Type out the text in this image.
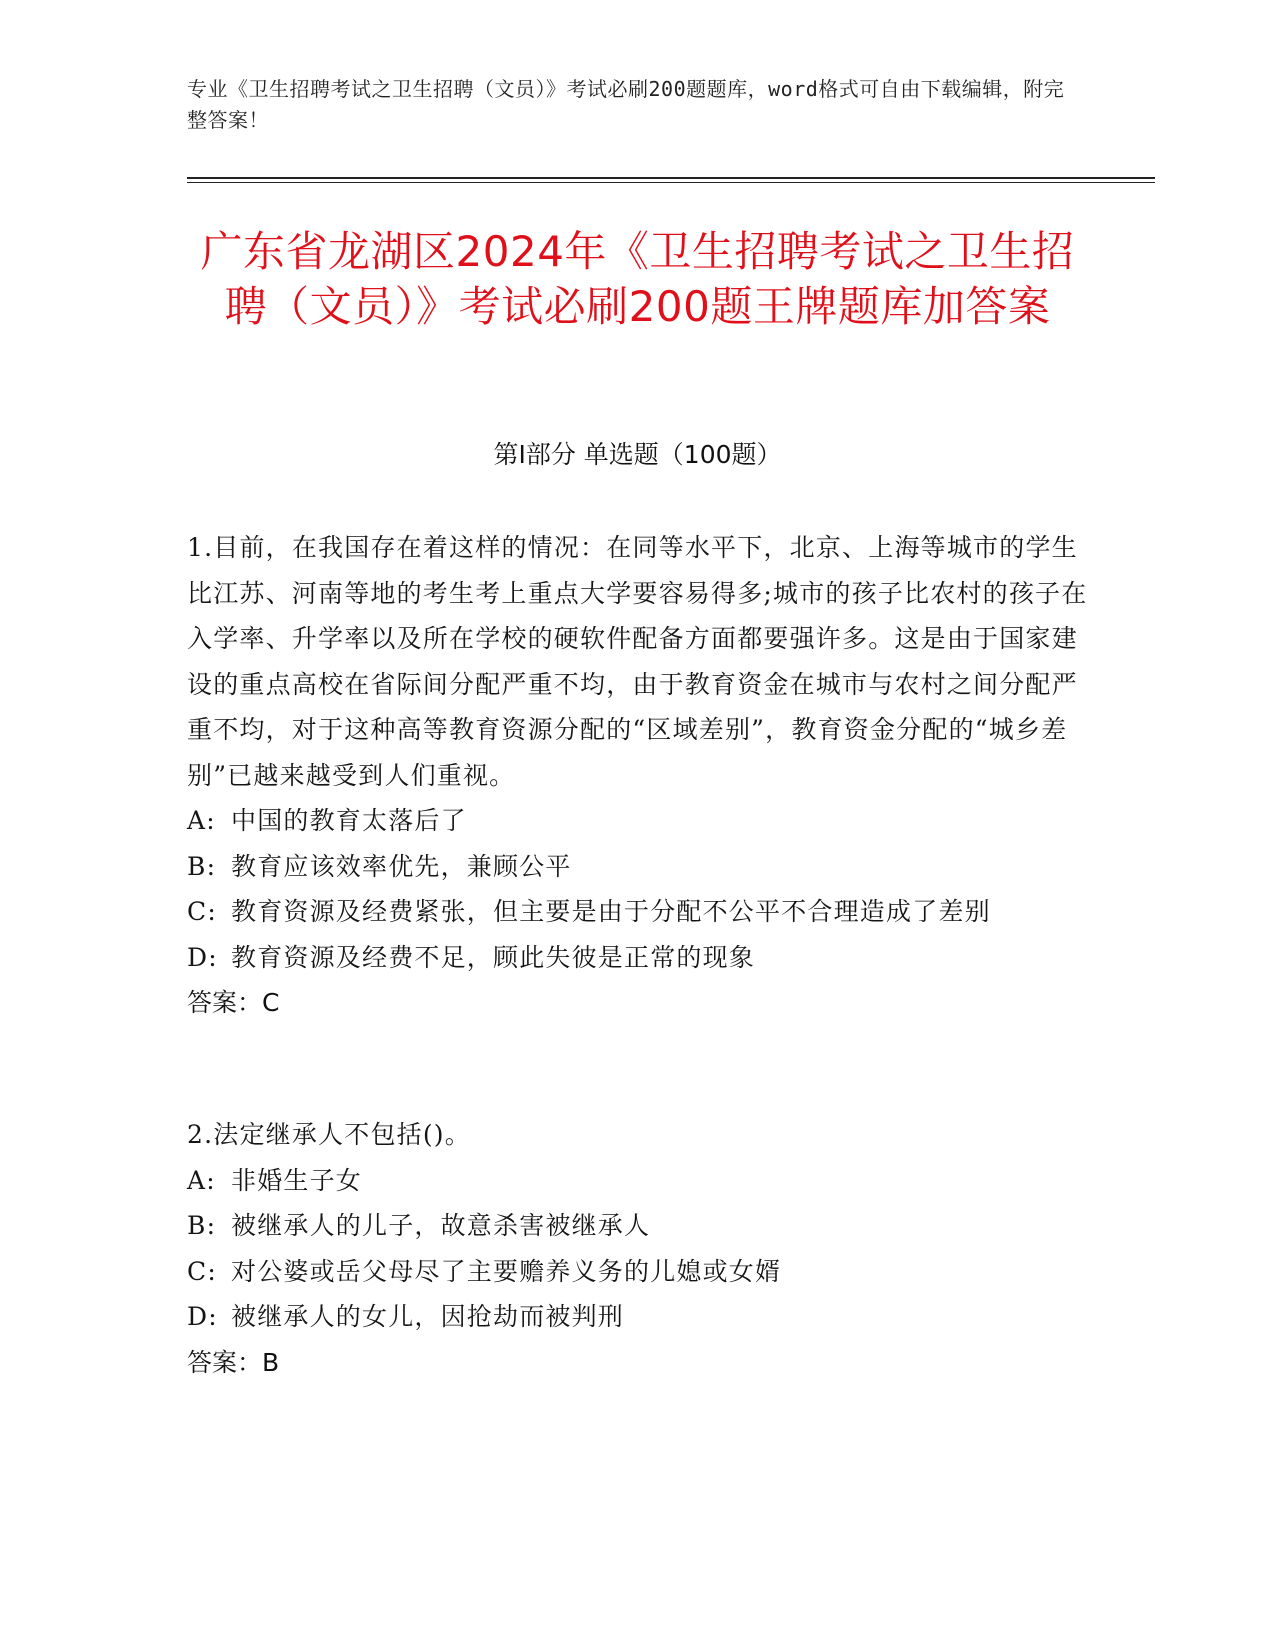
专业《卫生招聘考试之卫生招聘（文员）》考试必刷200题题库，word格式可自由下载编辑，附完整答案！

广东省龙湖区2024年《卫生招聘考试之卫生招聘（文员）》考试必刷200题王牌题库加答案
第Ⅰ部分 单选题（100题）

1.目前，在我国存在着这样的情况：在同等水平下，北京、上海等城市的学生比江苏、河南等地的考生考上重点大学要容易得多;城市的孩子比农村的孩子在入学率、升学率以及所在学校的硬软件配备方面都要强许多。这是由于国家建设的重点高校在省际间分配严重不均，由于教育资金在城市与农村之间分配严重不均，对于这种高等教育资源分配的“区域差别”，教育资金分配的“城乡差别”已越来越受到人们重视。

A: 中国的教育太落后了

B: 教育应该效率优先，兼顾公平

C: 教育资源及经费紧张，但主要是由于分配不公平不合理造成了差别

D: 教育资源及经费不足，顾此失彼是正常的现象

答案：C

2.法定继承人不包括()。

A: 非婚生子女

B: 被继承人的儿子，故意杀害被继承人

C: 对公婆或岳父母尽了主要赡养义务的儿媳或女婿

D: 被继承人的女儿，因抢劫而被判刑

答案：B
